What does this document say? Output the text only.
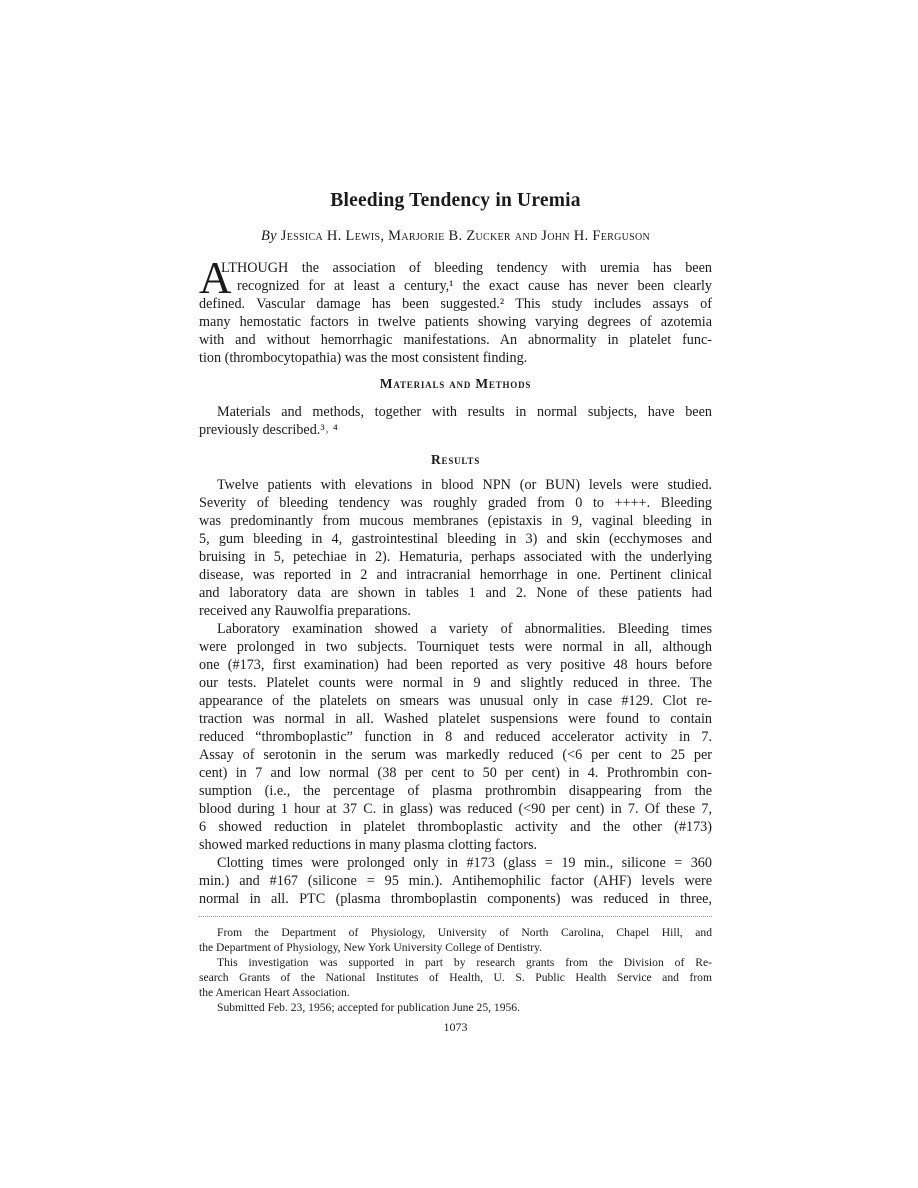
Bleeding Tendency in Uremia

By Jessica H. Lewis, Marjorie B. Zucker and John H. Ferguson

A
LTHOUGH the association of bleeding tendency with uremia has been
recognized for at least a century,¹ the exact cause has never been clearly
defined. Vascular damage has been suggested.² This study includes assays of
many hemostatic factors in twelve patients showing varying degrees of azotemia
with and without hemorrhagic manifestations. An abnormality in platelet func-
tion (thrombocytopathia) was the most consistent finding.
Materials and Methods
Materials and methods, together with results in normal subjects, have been
previously described.³˒ ⁴
Results
Twelve patients with elevations in blood NPN (or BUN) levels were studied.
Severity of bleeding tendency was roughly graded from 0 to ++++. Bleeding
was predominantly from mucous membranes (epistaxis in 9, vaginal bleeding in
5, gum bleeding in 4, gastrointestinal bleeding in 3) and skin (ecchymoses and
bruising in 5, petechiae in 2). Hematuria, perhaps associated with the underlying
disease, was reported in 2 and intracranial hemorrhage in one. Pertinent clinical
and laboratory data are shown in tables 1 and 2. None of these patients had
received any Rauwolfia preparations.
Laboratory examination showed a variety of abnormalities. Bleeding times
were prolonged in two subjects. Tourniquet tests were normal in all, although
one (#173, first examination) had been reported as very positive 48 hours before
our tests. Platelet counts were normal in 9 and slightly reduced in three. The
appearance of the platelets on smears was unusual only in case #129. Clot re-
traction was normal in all. Washed platelet suspensions were found to contain
reduced “thromboplastic” function in 8 and reduced accelerator activity in 7.
Assay of serotonin in the serum was markedly reduced (<6 per cent to 25 per
cent) in 7 and low normal (38 per cent to 50 per cent) in 4. Prothrombin con-
sumption (i.e., the percentage of plasma prothrombin disappearing from the
blood during 1 hour at 37 C. in glass) was reduced (<90 per cent) in 7. Of these 7,
6 showed reduction in platelet thromboplastic activity and the other (#173)
showed marked reductions in many plasma clotting factors.
Clotting times were prolonged only in #173 (glass = 19 min., silicone = 360
min.) and #167 (silicone = 95 min.). Antihemophilic factor (AHF) levels were
normal in all. PTC (plasma thromboplastin components) was reduced in three,
From the Department of Physiology, University of North Carolina, Chapel Hill, and
the Department of Physiology, New York University College of Dentistry.
This investigation was supported in part by research grants from the Division of Re-
search Grants of the National Institutes of Health, U. S. Public Health Service and from
the American Heart Association.
Submitted Feb. 23, 1956; accepted for publication June 25, 1956.

1073
